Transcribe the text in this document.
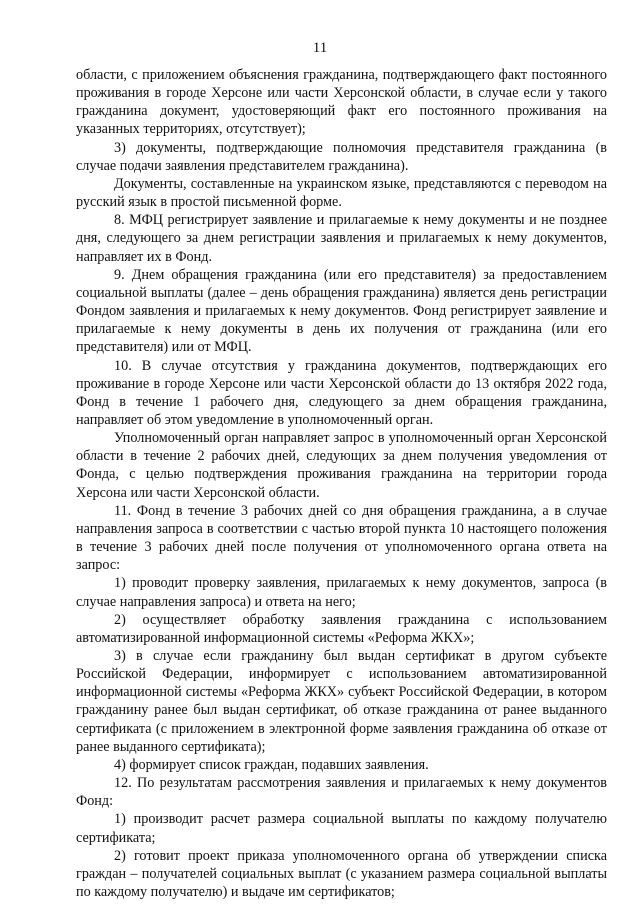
11

области, с приложением объяснения гражданина, подтверждающего факт постоянного проживания в городе Херсоне или части Херсонской области, в случае если у такого гражданина документ, удостоверяющий факт его постоянного проживания на указанных территориях, отсутствует);

3) документы, подтверждающие полномочия представителя гражданина (в случае подачи заявления представителем гражданина).

Документы, составленные на украинском языке, представляются с переводом на русский язык в простой письменной форме.

8. МФЦ регистрирует заявление и прилагаемые к нему документы и не позднее дня, следующего за днем регистрации заявления и прилагаемых к нему документов, направляет их в Фонд.

9. Днем обращения гражданина (или его представителя) за предоставлением социальной выплаты (далее – день обращения гражданина) является день регистрации Фондом заявления и прилагаемых к нему документов. Фонд регистрирует заявление и прилагаемые к нему документы в день их получения от гражданина (или его представителя) или от МФЦ.

10. В случае отсутствия у гражданина документов, подтверждающих его проживание в городе Херсоне или части Херсонской области до 13 октября 2022 года, Фонд в течение 1 рабочего дня, следующего за днем обращения гражданина, направляет об этом уведомление в уполномоченный орган.

Уполномоченный орган направляет запрос в уполномоченный орган Херсонской области в течение 2 рабочих дней, следующих за днем получения уведомления от Фонда, с целью подтверждения проживания гражданина на территории города Херсона или части Херсонской области.

11. Фонд в течение 3 рабочих дней со дня обращения гражданина, а в случае направления запроса в соответствии с частью второй пункта 10 настоящего положения в течение 3 рабочих дней после получения от уполномоченного органа ответа на запрос:

1) проводит проверку заявления, прилагаемых к нему документов, запроса (в случае направления запроса) и ответа на него;

2) осуществляет обработку заявления гражданина с использованием автоматизированной информационной системы «Реформа ЖКХ»;

3) в случае если гражданину был выдан сертификат в другом субъекте Российской Федерации, информирует с использованием автоматизированной информационной системы «Реформа ЖКХ» субъект Российской Федерации, в котором гражданину ранее был выдан сертификат, об отказе гражданина от ранее выданного сертификата (с приложением в электронной форме заявления гражданина об отказе от ранее выданного сертификата);

4) формирует список граждан, подавших заявления.

12. По результатам рассмотрения заявления и прилагаемых к нему документов Фонд:

1) производит расчет размера социальной выплаты по каждому получателю сертификата;

2) готовит проект приказа уполномоченного органа об утверждении списка граждан – получателей социальных выплат (с указанием размера социальной выплаты по каждому получателю) и выдаче им сертификатов;
